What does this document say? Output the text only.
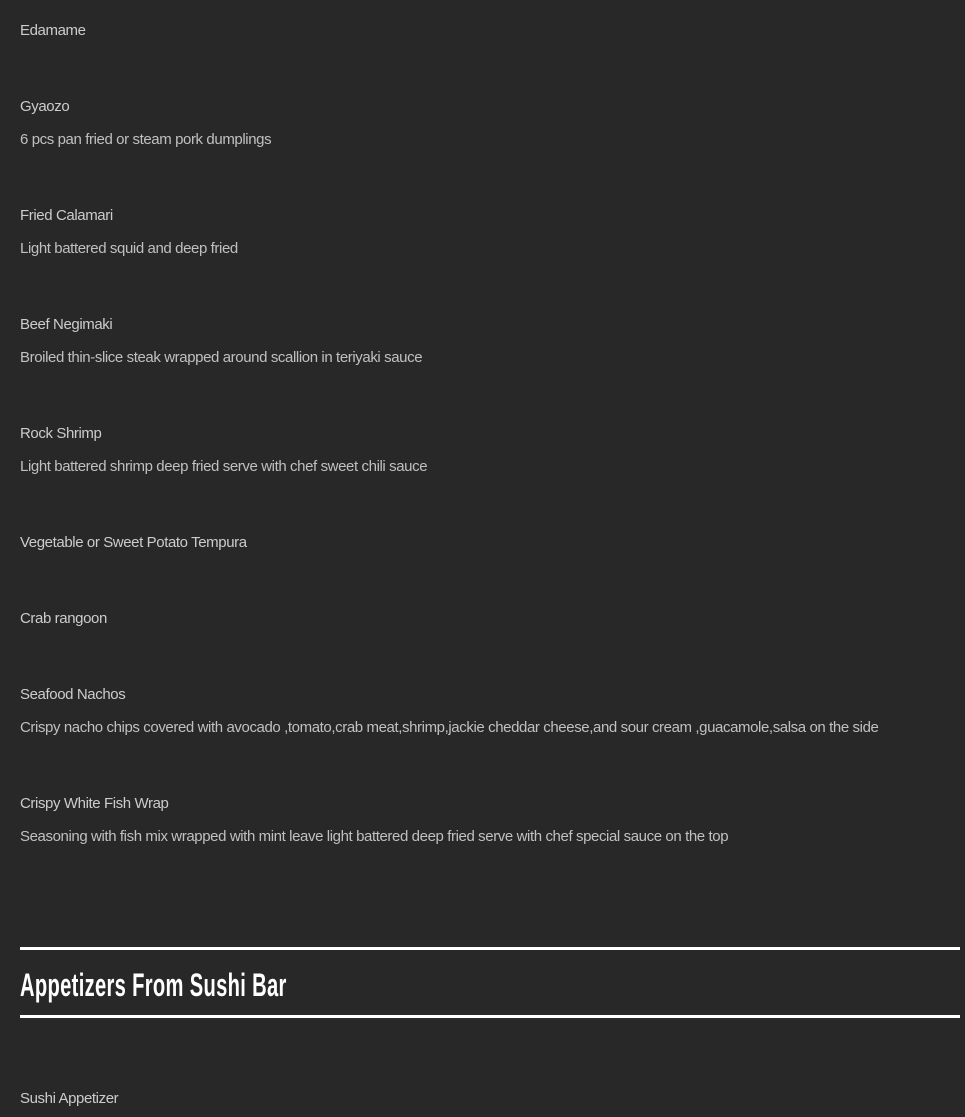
Edamame
Gyaozo

6 pcs pan fried or steam pork dumplings

Fried Calamari

Light battered squid and deep fried

Beef Negimaki

Broiled thin-slice steak wrapped around scallion in teriyaki sauce

Rock Shrimp

Light battered shrimp deep fried serve with chef sweet chili sauce

Vegetable or Sweet Potato Tempura
Crab rangoon
Seafood Nachos

Crispy nacho chips covered with avocado ,tomato,crab meat,shrimp,jackie cheddar cheese,and sour cream ,guacamole,salsa on the side

Crispy White Fish Wrap

Seasoning with fish mix wrapped with mint leave light battered deep fried serve with chef special sauce on the top

Appetizers From Sushi Bar
Sushi Appetizer
